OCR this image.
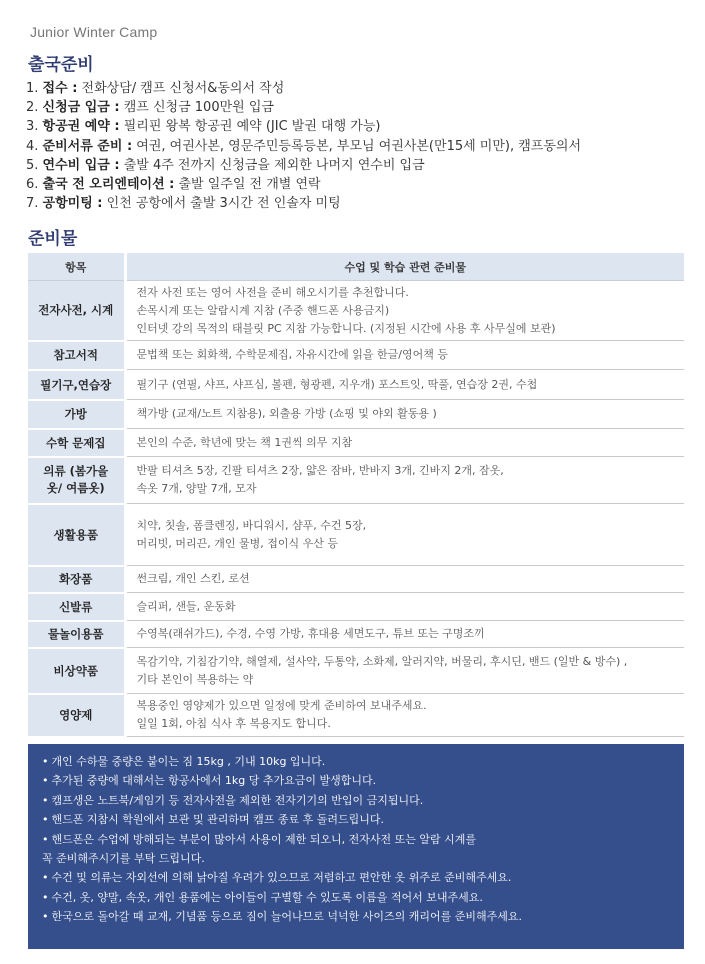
Junior Winter Camp
출국준비
1. 접수 : 전화상담/ 캠프 신청서&동의서 작성
2. 신청금 입금 : 캠프 신청금 100만원 입금
3. 항공권 예약 : 필리핀 왕복 항공권 예약 (JIC 발권 대행 가능)
4. 준비서류 준비 : 여권, 여권사본, 영문주민등록등본, 부모님 여권사본(만15세 미만), 캠프동의서
5. 연수비 입금 : 출발 4주 전까지 신청금을 제외한 나머지 연수비 입금
6. 출국 전 오리엔테이션 : 출발 일주일 전 개별 연락
7. 공항미팅 : 인천 공항에서 출발 3시간 전 인솔자 미팅
준비물
항목	수업 및 학습 관련 준비물
전자사전, 시계	전자 사전 또는 영어 사전을 준비 해오시기를 추천합니다.
손목시계 또는 알람시계 지참 (주중 핸드폰 사용금지)
인터넷 강의 목적의 태블릿 PC 지참 가능합니다. (지정된 시간에 사용 후 사무실에 보관)
참고서적	문법책 또는 회화책, 수학문제집, 자유시간에 읽을 한글/영어책 등
필기구,연습장	필기구 (연필, 샤프, 샤프심, 볼펜, 형광펜, 지우개) 포스트잇, 딱풀, 연습장 2권, 수첩
가방	책가방 (교재/노트 지참용), 외출용 가방 (쇼핑 및 야외 활동용 )
수학 문제집	본인의 수준, 학년에 맞는 책 1권씩 의무 지참
의류 (봄가을
옷/ 여름옷)	반팔 티셔츠 5장, 긴팔 티셔츠 2장, 얇은 잠바, 반바지 3개, 긴바지 2개, 잠옷,
속옷 7개, 양말 7개, 모자
생활용품	치약, 칫솔, 폼클렌징, 바디워시, 샴푸, 수건 5장,
머리빗, 머리끈, 개인 물병, 접이식 우산 등
화장품	썬크림, 개인 스킨, 로션
신발류	슬리퍼, 샌들, 운동화
물놀이용품	수영복(래쉬가드), 수경, 수영 가방, 휴대용 세면도구, 튜브 또는 구명조끼
비상약품	목감기약, 기침감기약, 해열제, 설사약, 두통약, 소화제, 알러지약, 버물리, 후시딘, 밴드 (일반 & 방수) ,
기타 본인이 복용하는 약
영양제	복용중인 영양제가 있으면 일정에 맞게 준비하여 보내주세요.
일일 1회, 아침 식사 후 복용지도 합니다.
• 개인 수하물 중량은 붙이는 짐 15kg , 기내 10kg 입니다.
• 추가된 중량에 대해서는 항공사에서 1kg 당 추가요금이 발생합니다.
• 캠프생은 노트북/게임기 등 전자사전을 제외한 전자기기의 반입이 금지됩니다.
• 핸드폰 지참시 학원에서 보관 및 관리하며 캠프 종료 후 돌려드립니다.
• 핸드폰은 수업에 방해되는 부분이 많아서 사용이 제한 되오니, 전자사전 또는 알람 시계를
꼭 준비해주시기를 부탁 드립니다.
• 수건 및 의류는 자외선에 의해 낡아질 우려가 있으므로 저렴하고 편안한 옷 위주로 준비해주세요.
• 수건, 옷, 양말, 속옷, 개인 용품에는 아이들이 구별할 수 있도록 이름을 적어서 보내주세요.
• 한국으로 돌아갈 때 교재, 기념품 등으로 짐이 늘어나므로 넉넉한 사이즈의 캐리어를 준비해주세요.
